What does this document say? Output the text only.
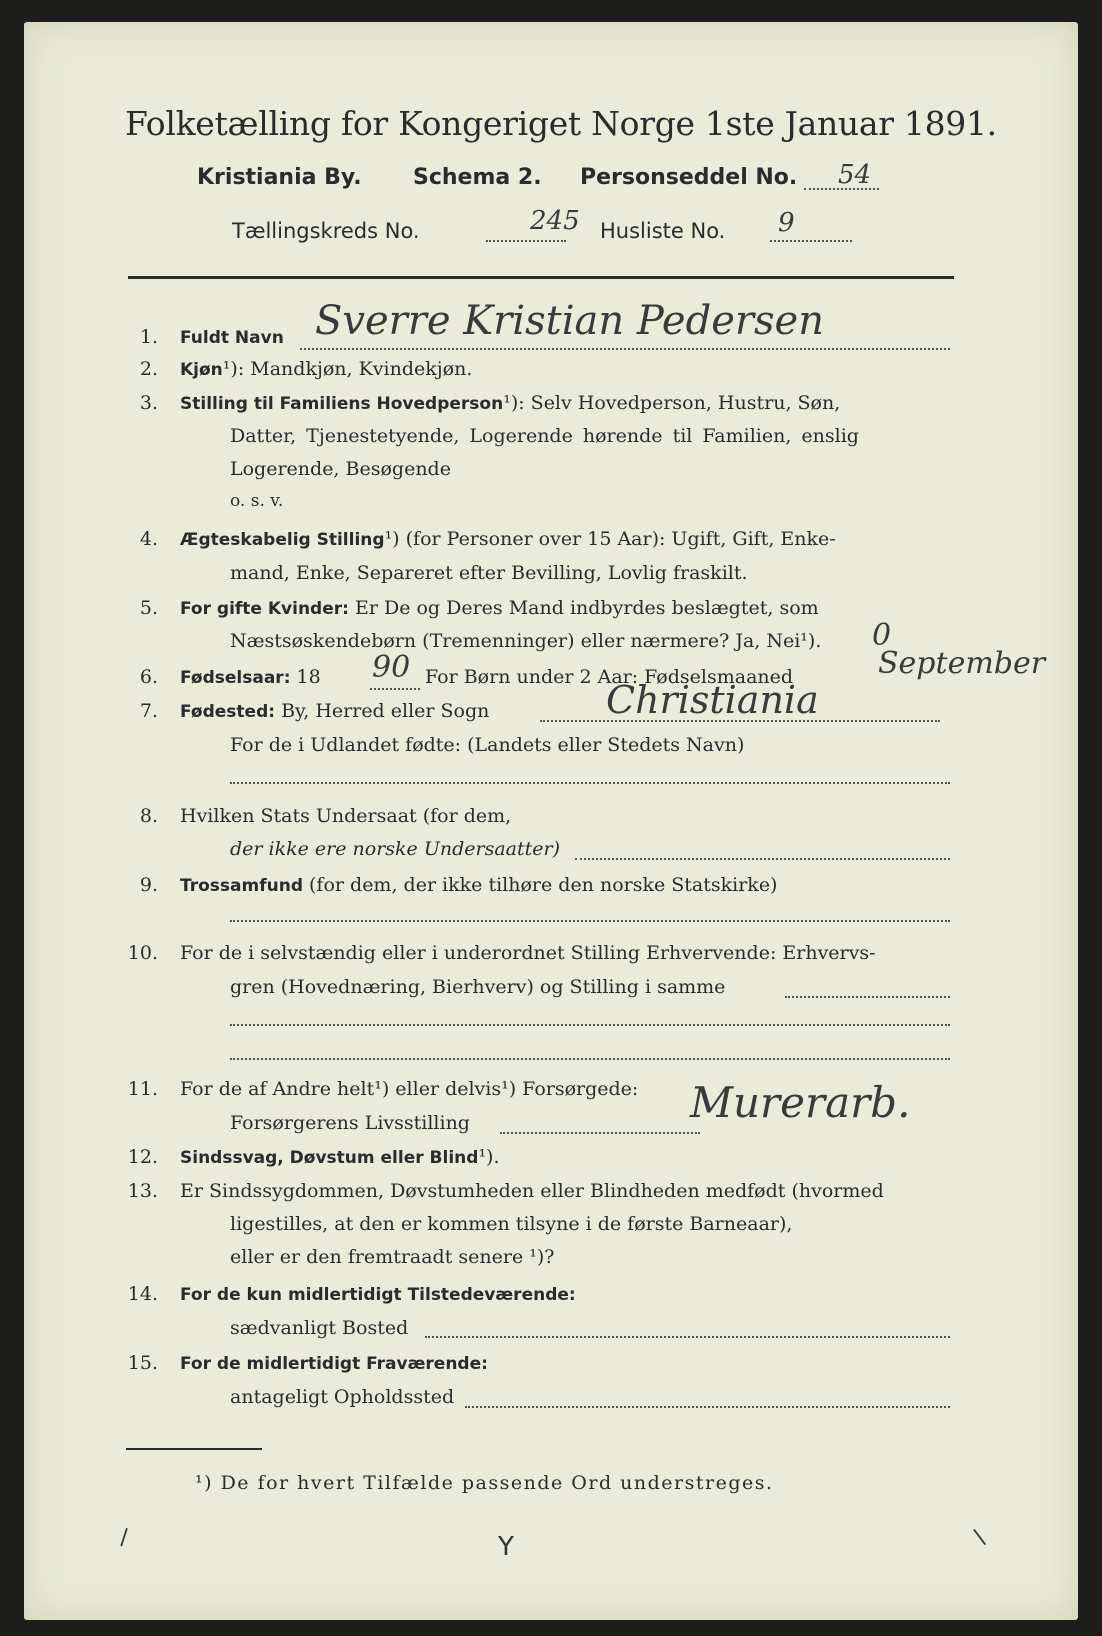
Folketælling for Kongeriget Norge 1ste Januar 1891.
Kristiania By. Schema 2. Personseddel No. 54
Tællingskreds No.	245 Husliste No. 9
1. Fuldt Navn Sverre Kristian Pedersen
2. Kjøn¹): Mandkjøn, Kvindekjøn.
3. Stilling til Familiens Hovedperson¹): Selv Hovedperson, Hustru, Søn,
Datter, Tjenestetyende, Logerende hørende til Familien, enslig
Logerende, Besøgende
o. s. v.
4. Ægteskabelig Stilling¹) (for Personer over 15 Aar): Ugift, Gift, Enke-
mand, Enke, Separeret efter Bevilling, Lovlig fraskilt.
5. For gifte Kvinder: Er De og Deres Mand indbyrdes beslægtet, som
Næstsøskendebørn (Tremenninger) eller nærmere? Ja, Nei¹). 0
6. Fødselsaar: 18 90 For Børn under 2 Aar: Fødselsmaaned	September
7. Fødested: By, Herred eller Sogn	Christiania
For de i Udlandet fødte: (Landets eller Stedets Navn)
8. Hvilken Stats Undersaat (for dem,
der ikke ere norske Undersaatter)
9. Trossamfund (for dem, der ikke tilhøre den norske Statskirke)
10. For de i selvstændig eller i underordnet Stilling Erhvervende: Erhvervs-
gren (Hovednæring, Bierhverv) og Stilling i samme
11. For de af Andre helt¹) eller delvis¹) Forsørgede:
Forsørgerens Livsstilling	Murerarb.
12. Sindssvag, Døvstum eller Blind¹).
13. Er Sindssygdommen, Døvstumheden eller Blindheden medfødt (hvormed
ligestilles, at den er kommen tilsyne i de første Barneaar),
eller er den fremtraadt senere ¹)?
14. For de kun midlertidigt Tilstedeværende:
sædvanligt Bosted
15. For de midlertidigt Fraværende:
antageligt Opholdssted
¹) De for hvert Tilfælde passende Ord understreges.
\	Y	\
